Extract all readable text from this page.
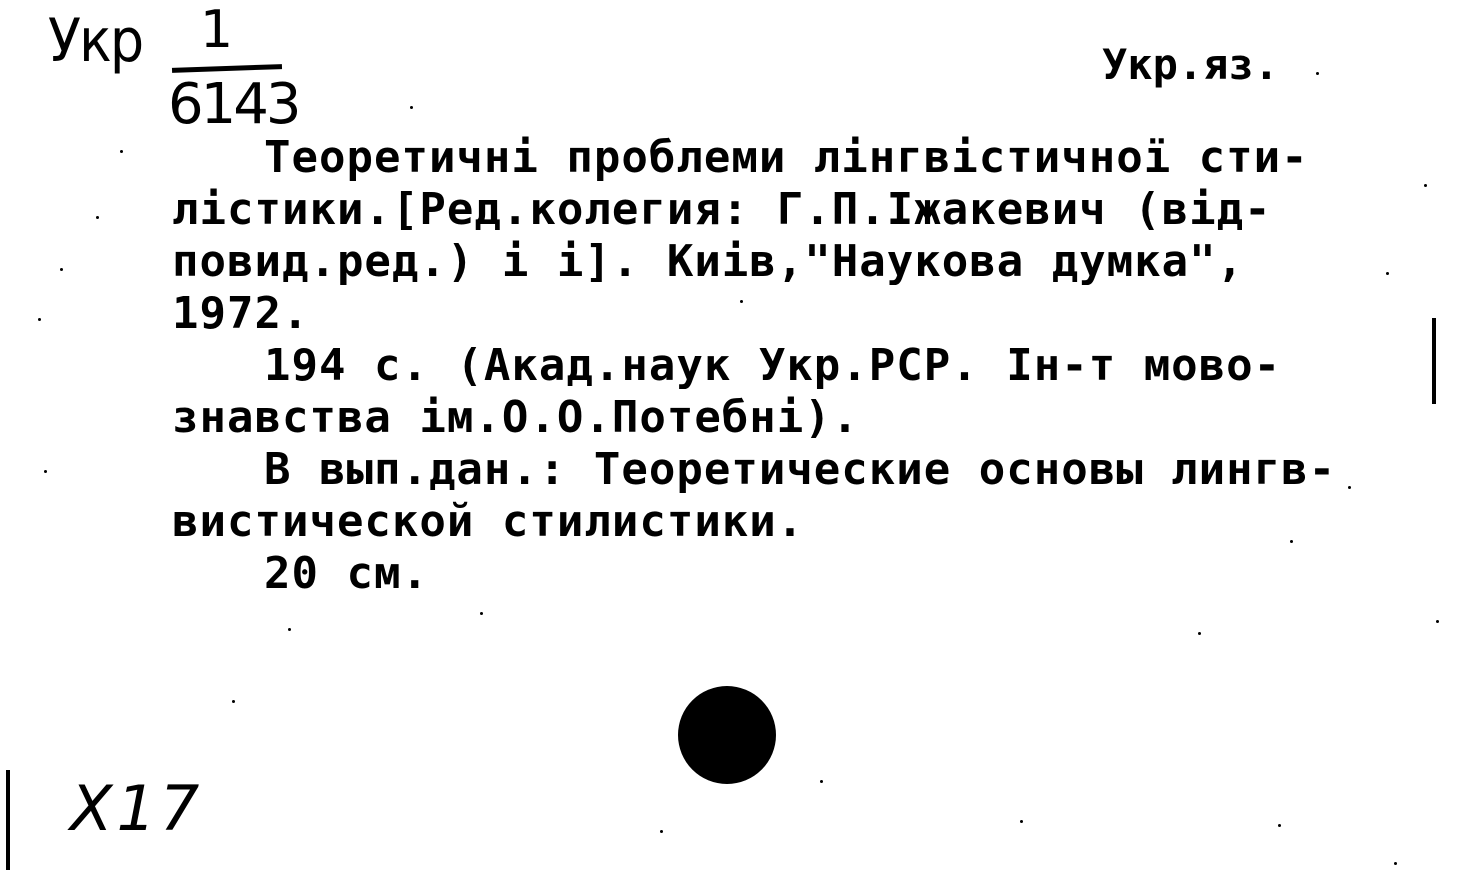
Укр 1
6143
Укр.яз.
Теоретичні проблеми лінгвістичної сти-
лістики.[Ред.колегия: Г.П.Іжакевич (від-
повид.ред.) і і]. Киів,"Наукова думка",
1972.
194 с. (Акад.наук Укр.РСР. Ін-т мово-
знавства ім.О.О.Потебні).
В вып.дан.: Теоретические основы лингв-
вистической стилистики.
20 см.
Х17
